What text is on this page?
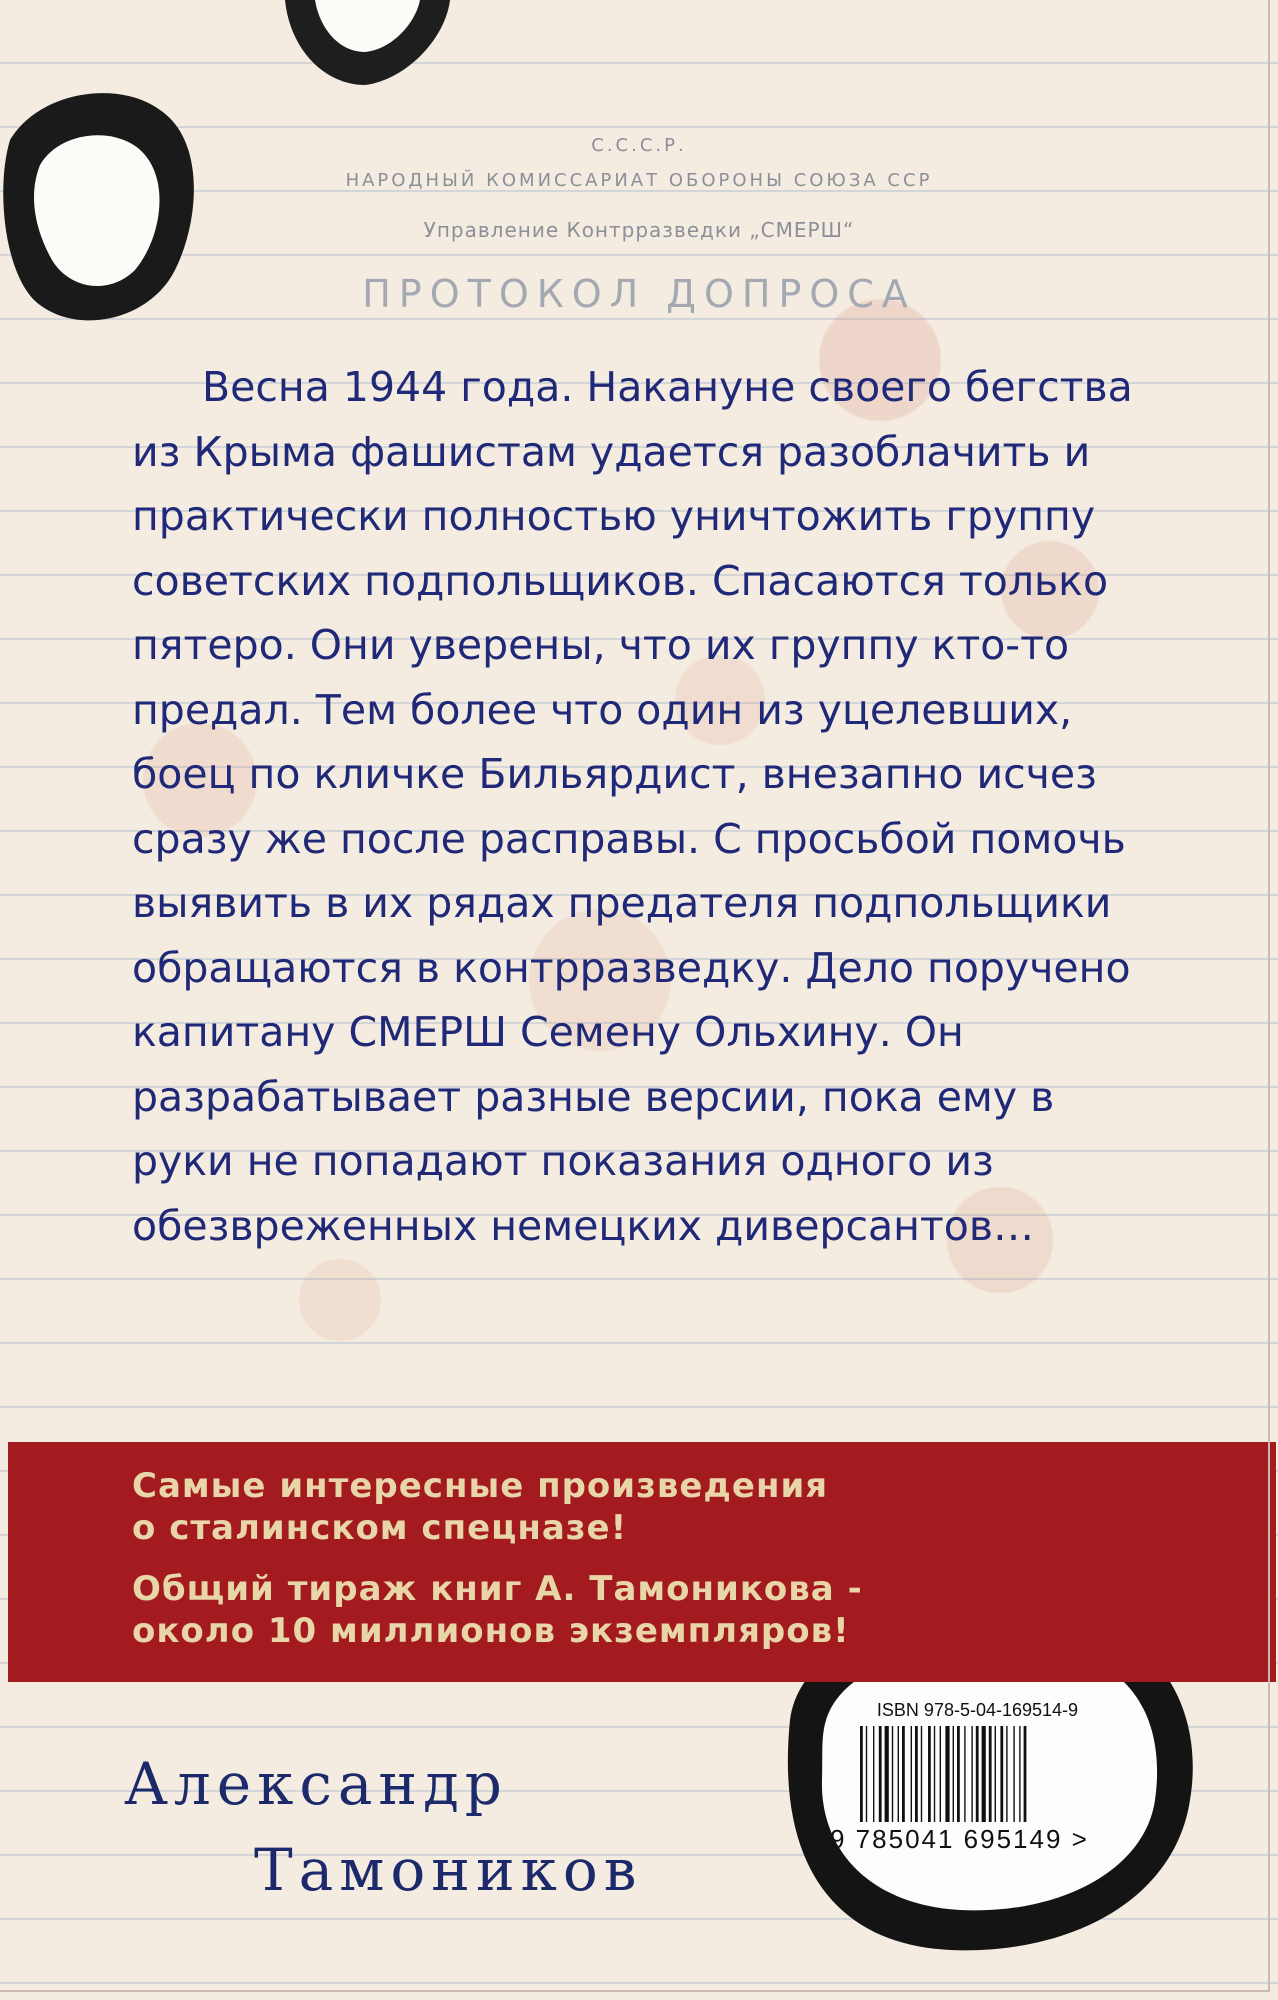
С.С.С.Р.
НАРОДНЫЙ КОМИССАРИАТ ОБОРОНЫ СОЮЗА ССР
Управление Контрразведки „СМЕРШ“
ПРОТОКОЛ ДОПРОСА

Весна 1944 года. Накануне своего бегства из Крыма фашистам удается разоблачить и практически полностью уничтожить группу советских подпольщиков. Спасаются только пятеро. Они уверены, что их группу кто-то предал. Тем более что один из уцелевших, боец по кличке Бильярдист, внезапно исчез сразу же после расправы. С просьбой помочь выявить в их рядах предателя подпольщики обращаются в контрразведку. Дело поручено капитану СМЕРШ Семену Ольхину. Он разрабатывает разные версии, пока ему в руки не попадают показания одного из обезвреженных немецких диверсантов…

Самые интересные произведения
о сталинском спецназе!
Общий тираж книг А. Тамоникова -
около 10 миллионов экземпляров!
Александр
Тамоников
ISBN 978-5-04-169514-9
9 785041 695149 >
